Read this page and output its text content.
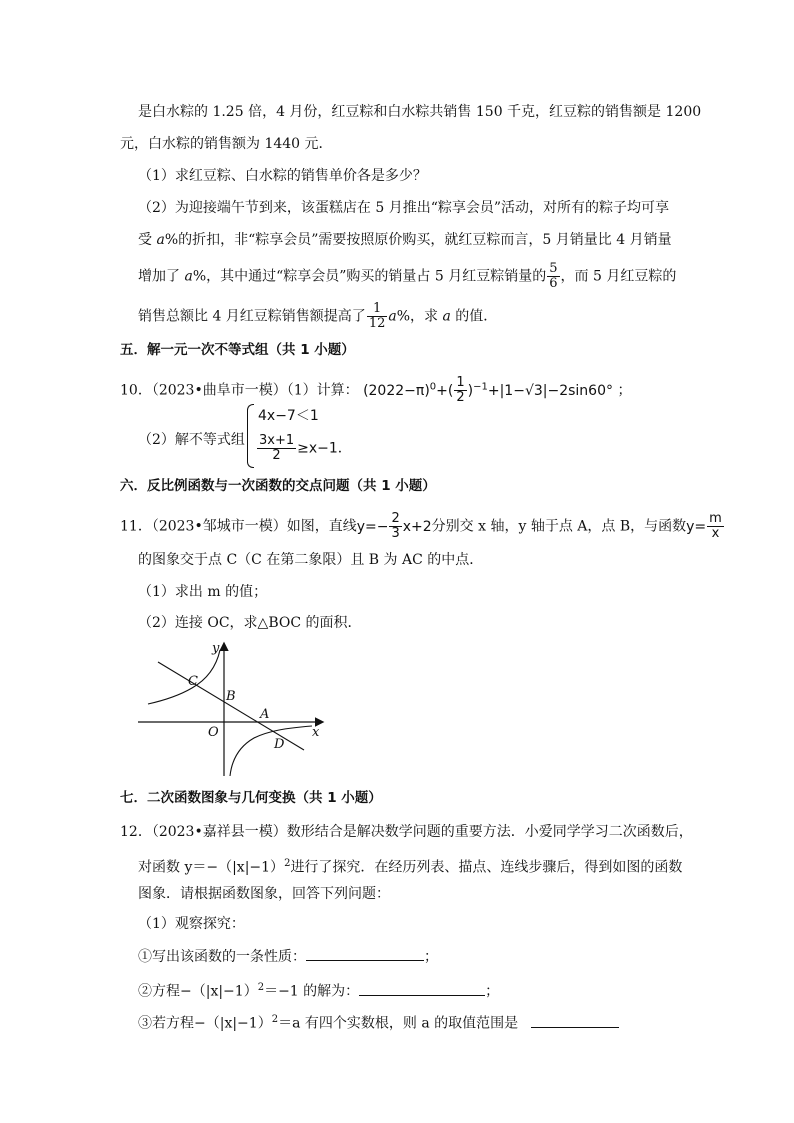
是白水粽的 1.25 倍，4 月份，红豆粽和白水粽共销售 150 千克，红豆粽的销售额是 1200
元，白水粽的销售额为 1440 元．
（1）求红豆粽、白水粽的销售单价各是多少？
（2）为迎接端午节到来，该蛋糕店在 5 月推出“粽享会员”活动，对所有的粽子均可享
受 a%的折扣，非“粽享会员”需要按照原价购买，就红豆粽而言，5 月销量比 4 月销量
增加了 a%，其中通过“粽享会员”购买的销量占 5 月红豆粽销量的 $\frac{5}{6}$ ，而 5 月红豆粽的
销售总额比 4 月红豆粽销售额提高了 $\frac{1}{12} a\%$，求 a 的值．
五．解一元一次不等式组（共 1 小题）
10．（2023•曲阜市一模）（1）计算： $(2022-\pi)^0+( \frac{1}{2} )^{-1}+|1-√3|-2\sin 60^\circ$ ；
（2）解不等式组
4x−7＜1
$\frac{3x+1}{2} \ge x-1$．
六．反比例函数与一次函数的交点问题（共 1 小题）
11．（2023•邹城市一模）如图，直线$y=- \frac{2}{3} x+2$分别交 x 轴，y 轴于点 A，点 B，与函数$y= \frac{m}{x}$
的图象交于点 C（C 在第二象限）且 B 为 AC 的中点．
（1）求出 m 的值；
（2）连接 OC，求△BOC 的面积．
y
x
C
B
A
O
D
七．二次函数图象与几何变换（共 1 小题）
12．（2023•嘉祥县一模）数形结合是解决数学问题的重要方法．小爱同学学习二次函数后，
对函数 $y=-(|x|-1)^2$进行了探究．在经历列表、描点、连线步骤后，得到如图的函数
图象．请根据函数图象，回答下列问题：
（1）观察探究：
①写出该函数的一条性质：	；
②方程$-(|x|-1)^2=-1$ 的解为：	；
③若方程$-(|x|-1)^2=a$ 有四个实数根，则 a 的取值范围是
